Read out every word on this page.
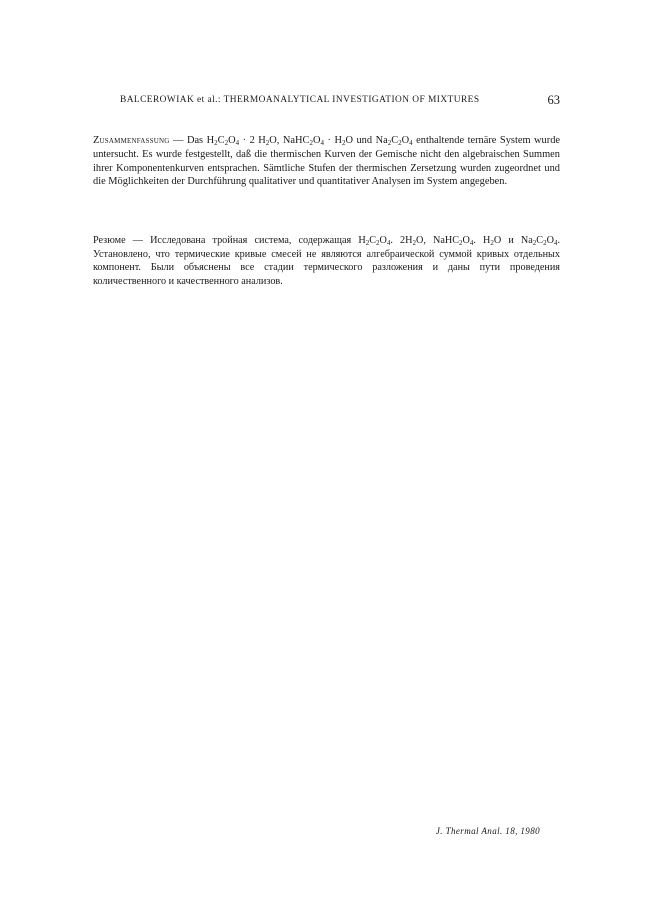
BALCEROWIAK et al.: THERMOANALYTICAL INVESTIGATION OF MIXTURES	63

Zusammenfassung — Das $H_2C_2O_4 \cdot 2$ $H_2O$, $NaHC_2O_4 \cdot H_2O$ und $Na_2C_2O_4$ enthaltende ternäre System wurde untersucht. Es wurde festgestellt, daß die thermischen Kurven der Gemische nicht den algebraischen Summen ihrer Komponentenkurven entsprachen. Sämtliche Stufen der thermischen Zersetzung wurden zugeordnet und die Möglichkeiten der Durchführung qualitativer und quantitativer Analysen im System angegeben.

Резюме — Исследована тройная система, содержащая $H_2C_2O_4$. $2H_2O$, $NaHC_2O_4$. $H_2O$ и $Na_2C_2O_4$. Установлено, что термические кривые смесей не являются алгебраической суммой кривых отдельных компонент. Были объяснены все стадии термического разложения и даны пути проведения количественного и качественного анализов.

J. Thermal Anal. 18, 1980
